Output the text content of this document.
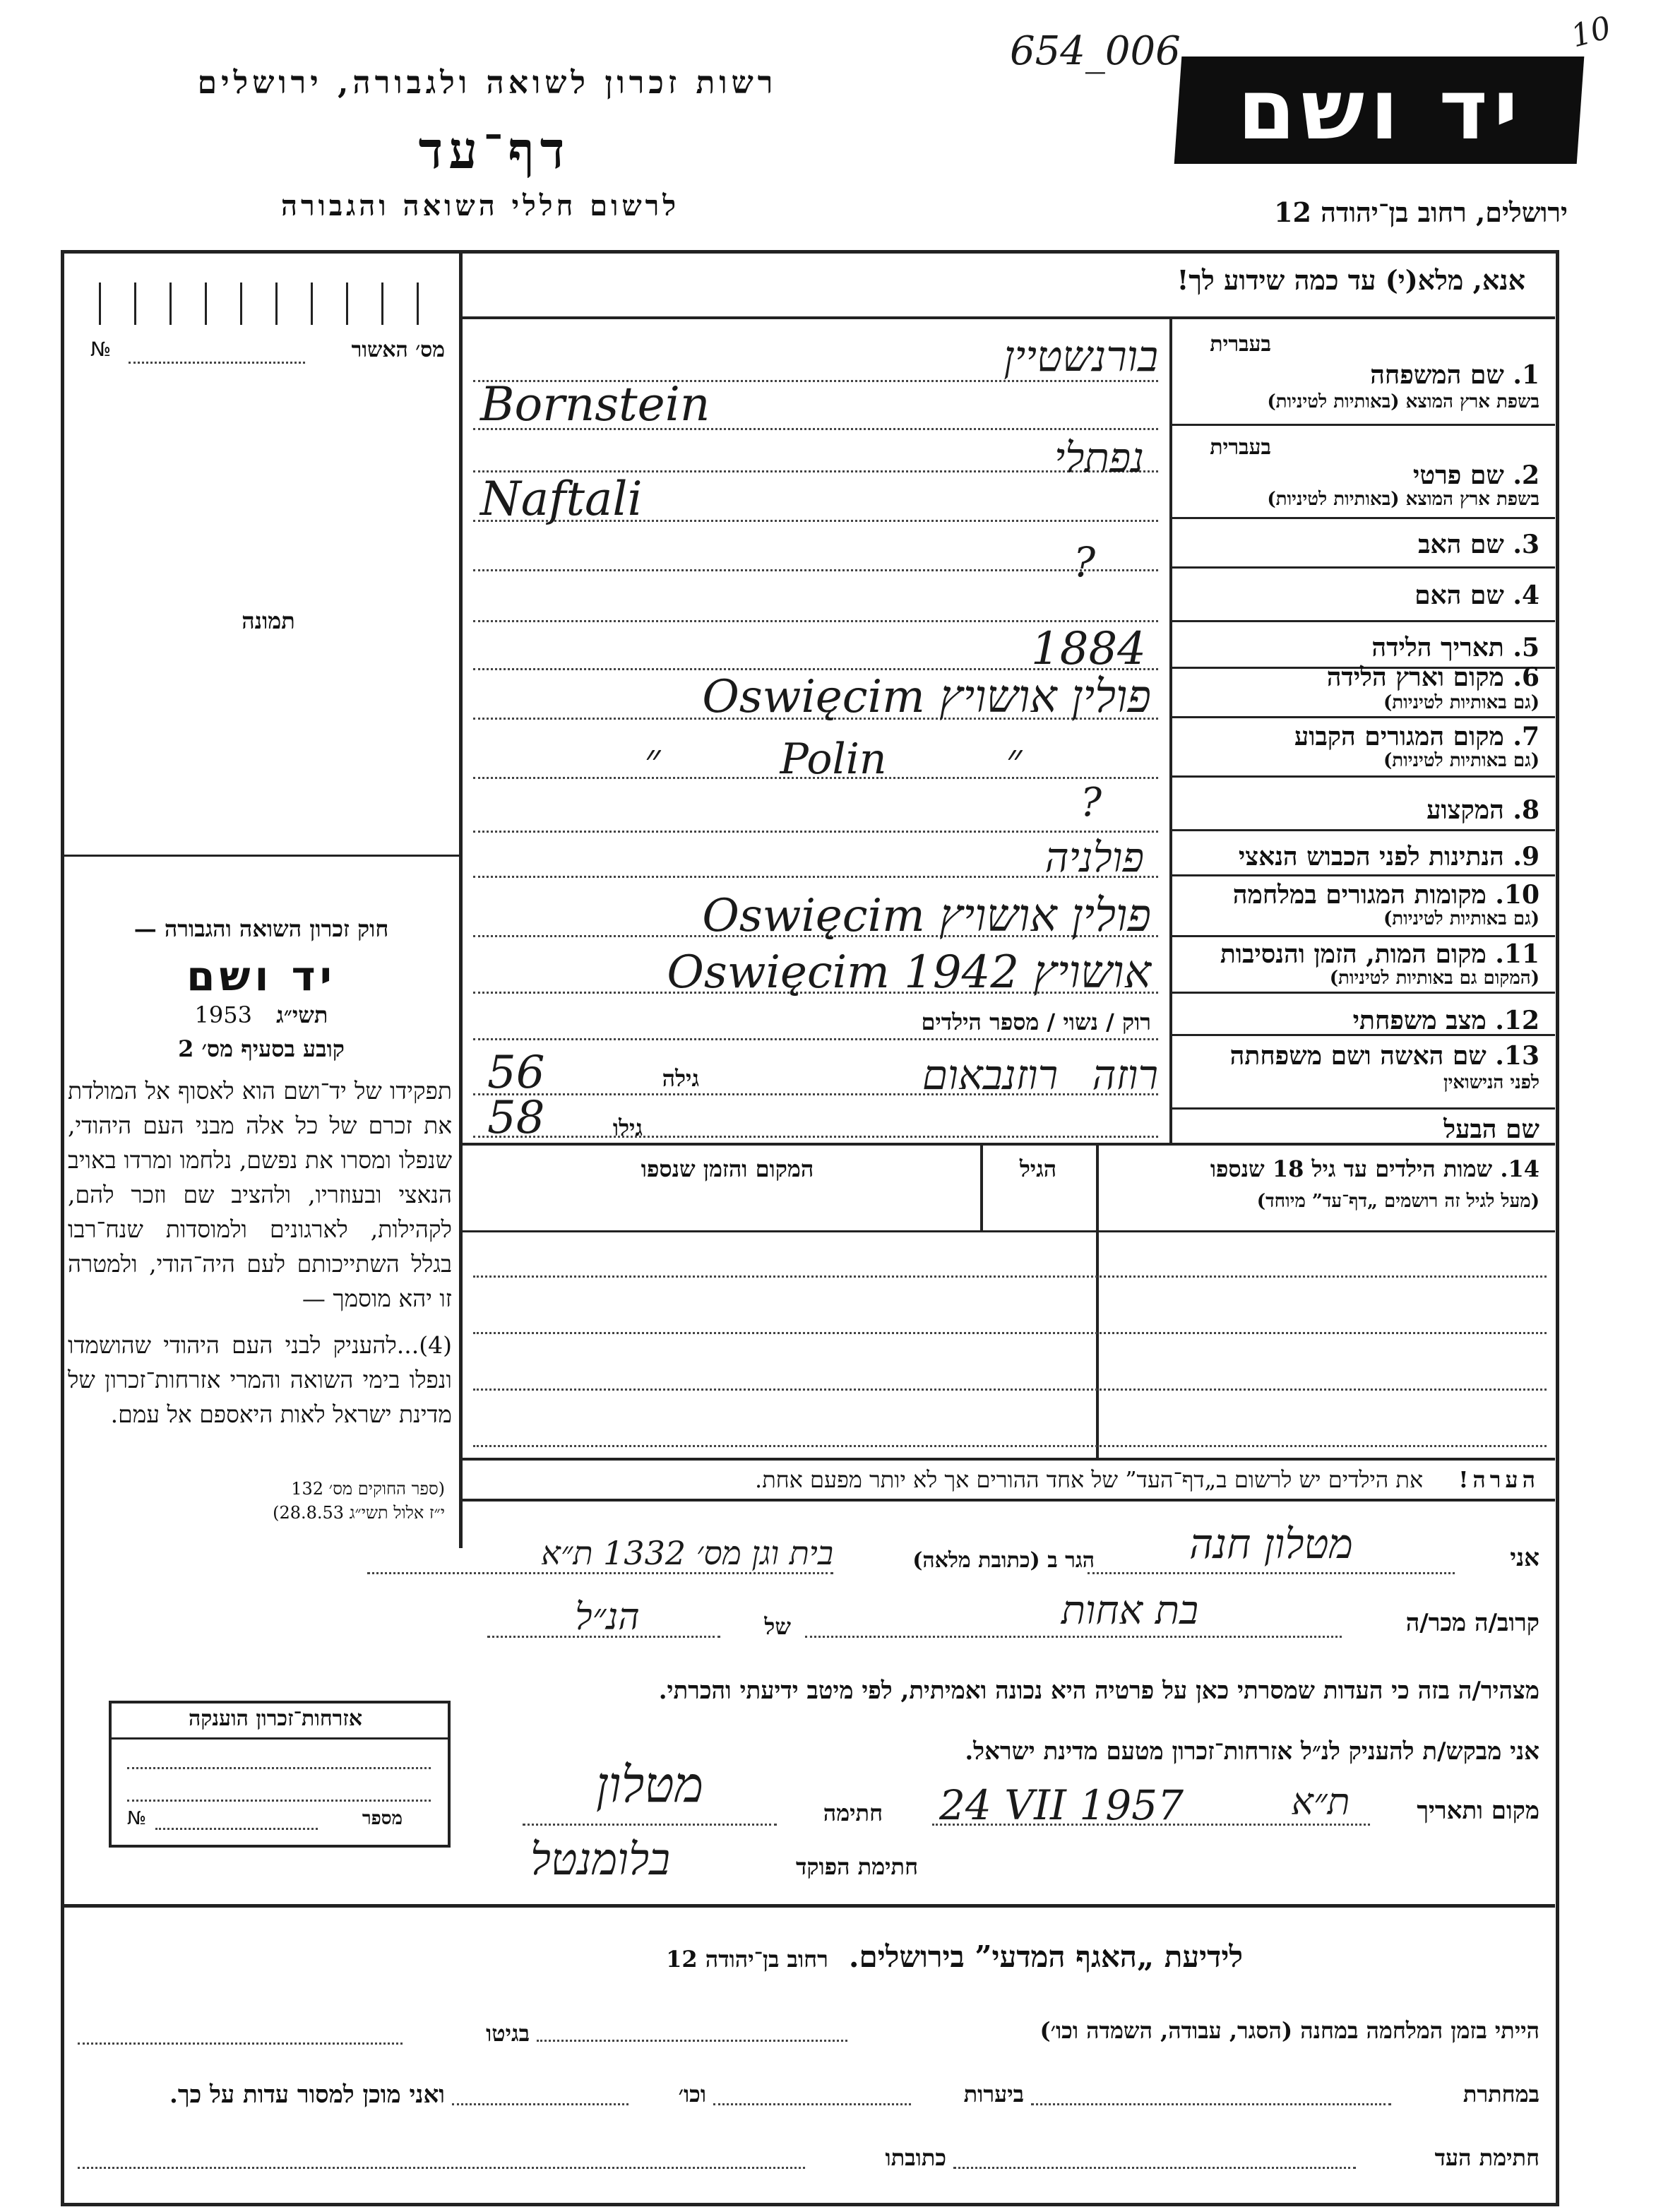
654_006	10
רשות זכרון לשואה ולגבורה, ירושלים
דף־עד
לרשום חללי השואה והגבורה
יד ושם
ירושלים, רחוב בן־יהודה 12
מס׳ האשור
№
תמונה
חוק זכרון השואה והגבורה —
יד ושם
1953 תשי״ג
קובע בסעיף מס׳ 2
תפקידו של יד־ושם הוא לאסוף אל המולדת את זכרם של כל אלה מבני העם היהודי, שנפלו ומסרו את נפשם, נלחמו ומרדו באויב הנאצי ובעוזריו, ולהציב שם וזכר להם, לקהילות, לארגונים ולמוסדות שנח־רבו בגלל השתייכותם לעם היה־הודי, ולמטרה זו יהא מוסמך —
(4)...להעניק לבני העם היהודי שהושמדו ונפלו בימי השואה והמרי אזרחות־זכרון של מדינת ישראל לאות היאספם אל עמם.
(ספר החוקים מס׳ 132
י״ז אלול תשי״ג 28.8.53)
אזרחות־זכרון הוענקה
מספר
№
אנא, מלא(י) עד כמה שידוע לך!
בעברית
1. שם המשפחה
בשפת ארץ המוצא (באותיות לטיניות)
בורנשטיין
Bornstein
בעברית
2. שם פרטי
בשפת ארץ המוצא (באותיות לטיניות)
נפתלי
Naftali
3. שם האב
?
4. שם האם
5. תאריך הלידה
1884
6. מקום וארץ הלידה
(גם באותיות לטיניות)
Oswięcim פולין אושויץ
7. מקום המגורים הקבוע
(גם באותיות לטיניות)
״ Polin ״
8. המקצוע
?
9. הנתינות לפני הכבוש הנאצי
פולניה
10. מקומות המגורים במלחמה
(גם באותיות לטיניות)
Oswięcim פולין אושויץ
11. מקום המות, הזמן והנסיבות
(המקום גם באותיות לטיניות)
Oswięcim 1942 אושויץ
12. מצב משפחתי
רוק / נשוי / מספר הילדים
13. שם האשה ושם משפחתה
לפני הנישואין
גילה
56	רוזה רוזנבאום
שם הבעל
גילו
58
14. שמות הילדים עד גיל 18 שנספו
(מעל לגיל זה רושמים „דף־עד” מיוחד)
הגיל
המקום והזמן שנספו
הערה! את הילדים יש לרשום ב„דף־העד” של אחד ההורים אך לא יותר מפעם אחת.
אני
מטלון חנה
הגר ב (כתובת מלאה)
בית וגן מס׳ 1332 ת״א
קרוב/ה מכר/ה
בת אחות
של
הנ״ל
מצהיר/ה בזה כי העדות שמסרתי כאן על פרטיה היא נכונה ואמיתית, לפי מיטב ידיעתי והכרתי.
אני מבקש/ת להעניק לנ״ל אזרחות־זכרון מטעם מדינת ישראל.
מקום ותאריך
ת״א
24 VII 1957
חתימה
מטלון
חתימת הפוקד
בלומנטל
לידיעת „האגף המדעי” בירושלים. רחוב בן־יהודה 12
הייתי בזמן המלחמה במחנה (הסגר, עבודה, השמדה וכו׳)
בגיטו
במחתרת
ביערות
וכו׳
ואני מוכן למסור עדות על כך.
חתימת העד
כתובתו
